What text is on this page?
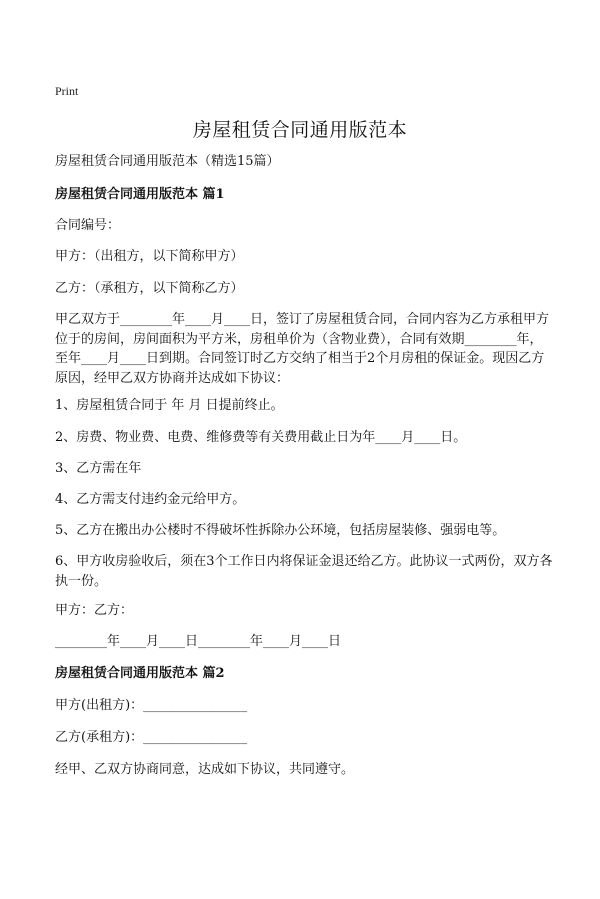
Print
房屋租赁合同通用版范本

房屋租赁合同通用版范本（精选15篇）

房屋租赁合同通用版范本 篇1

合同编号：

甲方：（出租方，以下简称甲方）

乙方：（承租方，以下简称乙方）

甲乙双方于________年____月____日，签订了房屋租赁合同，合同内容为乙方承租甲方位于的房间，房间面积为平方米，房租单价为（含物业费），合同有效期________年，至年____月____日到期。合同签订时乙方交纳了相当于2个月房租的保证金。现因乙方原因，经甲乙双方协商并达成如下协议：

1、房屋租赁合同于 年 月 日提前终止。

2、房费、物业费、电费、维修费等有关费用截止日为年____月____日。

3、乙方需在年

4、乙方需支付违约金元给甲方。

5、乙方在搬出办公楼时不得破坏性拆除办公环境，包括房屋装修、强弱电等。

6、甲方收房验收后，须在3个工作日内将保证金退还给乙方。此协议一式两份，双方各执一份。

甲方：乙方：

________年____月____日________年____月____日

房屋租赁合同通用版范本 篇2

甲方(出租方)：________________

乙方(承租方)：________________

经甲、乙双方协商同意，达成如下协议，共同遵守。
